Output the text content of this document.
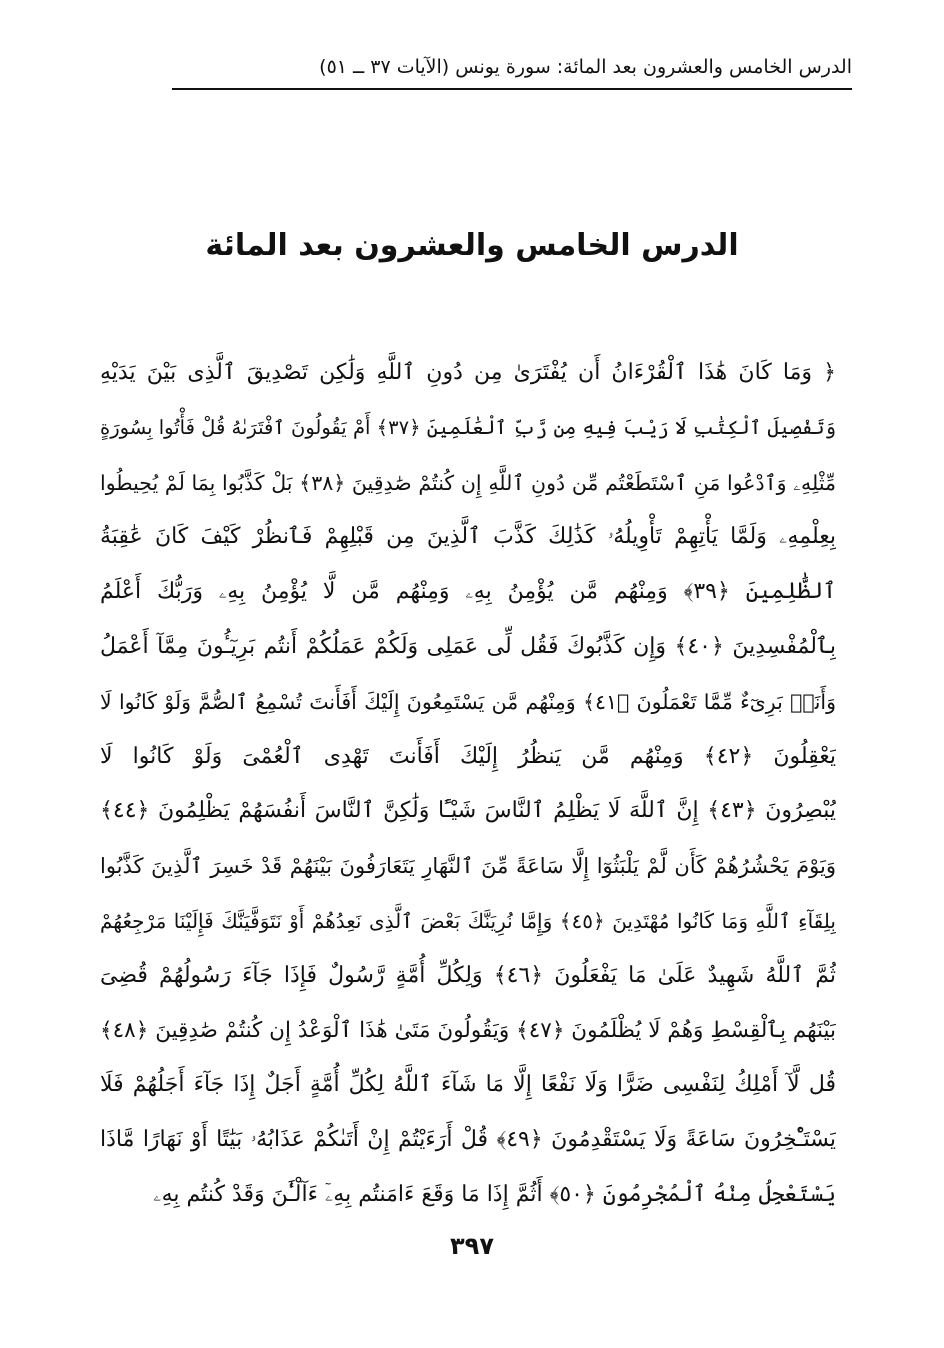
الدرس الخامس والعشرون بعد المائة: سورة يونس (الآيات ٣٧ ــ ٥١)
الدرس الخامس والعشرون بعد المائة
﴿ وَمَا كَانَ هَٰذَا ٱلْقُرْءَانُ أَن يُفْتَرَىٰ مِن دُونِ ٱللَّهِ وَلَٰكِن تَصْدِيقَ ٱلَّذِى بَيْنَ يَدَيْهِ
وَتَفْصِيلَ ٱلْكِتَٰبِ لَا رَيْبَ فِيهِ مِن رَّبِّ ٱلْعَٰلَمِينَ ﴿٣٧﴾ أَمْ يَقُولُونَ ٱفْتَرَىٰهُ قُلْ فَأْتُوا بِسُورَةٍ
مِّثْلِهِۦ وَٱدْعُوا مَنِ ٱسْتَطَعْتُم مِّن دُونِ ٱللَّهِ إِن كُنتُمْ صَٰدِقِينَ ﴿٣٨﴾ بَلْ كَذَّبُوا بِمَا لَمْ يُحِيطُوا
بِعِلْمِهِۦ وَلَمَّا يَأْتِهِمْ تَأْوِيلُهُۥ كَذَٰلِكَ كَذَّبَ ٱلَّذِينَ مِن قَبْلِهِمْ فَٱنظُرْ كَيْفَ كَانَ عَٰقِبَةُ
ٱلظَّٰلِمِينَ ﴿٣٩﴾ وَمِنْهُم مَّن يُؤْمِنُ بِهِۦ وَمِنْهُم مَّن لَّا يُؤْمِنُ بِهِۦ وَرَبُّكَ أَعْلَمُ
بِٱلْمُفْسِدِينَ ﴿٤٠﴾ وَإِن كَذَّبُوكَ فَقُل لِّى عَمَلِى وَلَكُمْ عَمَلُكُمْ أَنتُم بَرِيٓـُٔونَ مِمَّآ أَعْمَلُ
وَأَنَا۠ بَرِىٓءٌ مِّمَّا تَعْمَلُونَ ﴿٤١﴾ وَمِنْهُم مَّن يَسْتَمِعُونَ إِلَيْكَ أَفَأَنتَ تُسْمِعُ ٱلصُّمَّ وَلَوْ كَانُوا لَا
يَعْقِلُونَ ﴿٤٢﴾ وَمِنْهُم مَّن يَنظُرُ إِلَيْكَ أَفَأَنتَ تَهْدِى ٱلْعُمْىَ وَلَوْ كَانُوا لَا
يُبْصِرُونَ ﴿٤٣﴾ إِنَّ ٱللَّهَ لَا يَظْلِمُ ٱلنَّاسَ شَيْـًٔا وَلَٰكِنَّ ٱلنَّاسَ أَنفُسَهُمْ يَظْلِمُونَ ﴿٤٤﴾
وَيَوْمَ يَحْشُرُهُمْ كَأَن لَّمْ يَلْبَثُوٓا إِلَّا سَاعَةً مِّنَ ٱلنَّهَارِ يَتَعَارَفُونَ بَيْنَهُمْ قَدْ خَسِرَ ٱلَّذِينَ كَذَّبُوا
بِلِقَآءِ ٱللَّهِ وَمَا كَانُوا مُهْتَدِينَ ﴿٤٥﴾ وَإِمَّا نُرِيَنَّكَ بَعْضَ ٱلَّذِى نَعِدُهُمْ أَوْ نَتَوَفَّيَنَّكَ فَإِلَيْنَا مَرْجِعُهُمْ
ثُمَّ ٱللَّهُ شَهِيدٌ عَلَىٰ مَا يَفْعَلُونَ ﴿٤٦﴾ وَلِكُلِّ أُمَّةٍ رَّسُولٌ فَإِذَا جَآءَ رَسُولُهُمْ قُضِىَ
بَيْنَهُم بِٱلْقِسْطِ وَهُمْ لَا يُظْلَمُونَ ﴿٤٧﴾ وَيَقُولُونَ مَتَىٰ هَٰذَا ٱلْوَعْدُ إِن كُنتُمْ صَٰدِقِينَ ﴿٤٨﴾
قُل لَّآ أَمْلِكُ لِنَفْسِى ضَرًّا وَلَا نَفْعًا إِلَّا مَا شَآءَ ٱللَّهُ لِكُلِّ أُمَّةٍ أَجَلٌ إِذَا جَآءَ أَجَلُهُمْ فَلَا
يَسْتَـْٔخِرُونَ سَاعَةً وَلَا يَسْتَقْدِمُونَ ﴿٤٩﴾ قُلْ أَرَءَيْتُمْ إِنْ أَتَىٰكُمْ عَذَابُهُۥ بَيَٰتًا أَوْ نَهَارًا مَّاذَا
يَسْتَعْجِلُ مِنْهُ ٱلْمُجْرِمُونَ ﴿٥٠﴾ أَثُمَّ إِذَا مَا وَقَعَ ءَامَنتُم بِهِۦٓ ءَآلْـَٰٔنَ وَقَدْ كُنتُم بِهِۦ
٣٩٧
